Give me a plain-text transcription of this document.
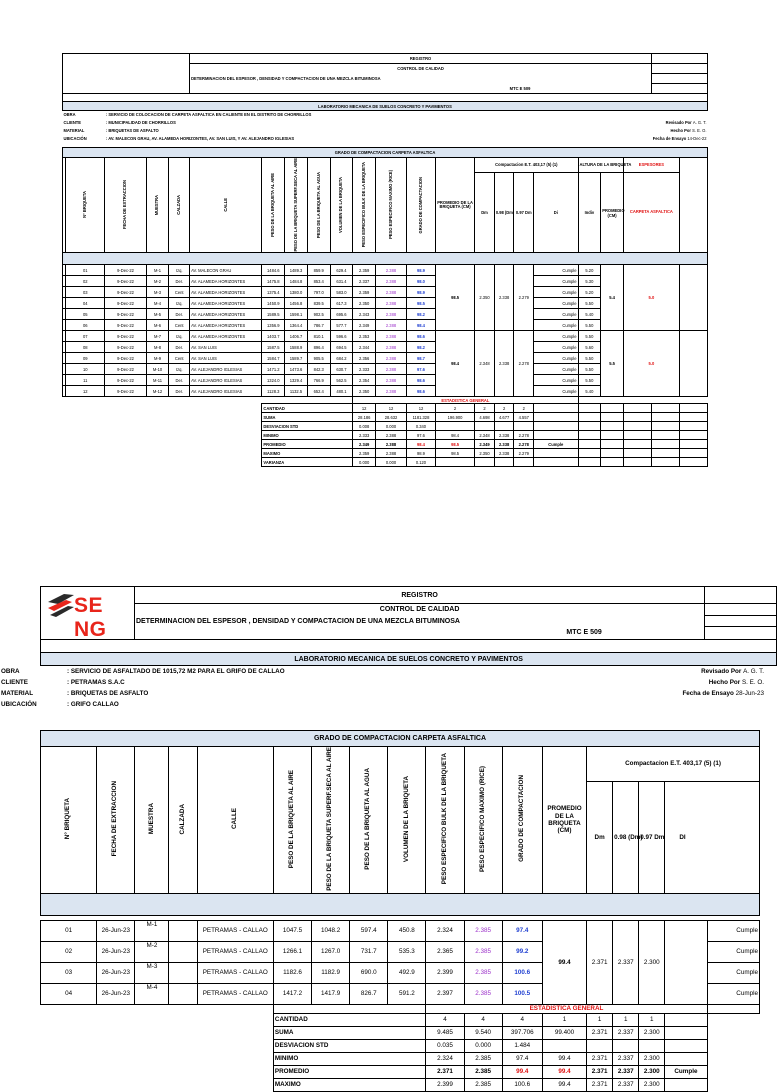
					REGISTRO																	
					CONTROL DE CALIDAD																	
					DETERMINACION DEL ESPESOR , DENSIDAD Y COMPACTACION DE UNA MEZCLA BITUMINOSA																	
					MTC E 509																	

LABORATORIO MECANICA DE SUELOS CONCRETO Y PAVIMENTOS																						
OBRA		: SERVICIO DE COLOCACION DE CARPETA ASFALTICA EN CALIENTE EN EL DISTRITO DE CHORRILLOS																				
CLIENTE		: MUNICIPALIDAD DE CHORRILLOS																Revisado Por A. G. T.				
MATERIAL		: BRIQUETAS DE ASFALTO																Hecho Por S. E. O.				
UBICACIÓN		: AV. MALECON GRAU, AV. ALAMEDA HORIZONTES, AV. SAN LUIS, Y AV. ALEJANDRO IGLESIAS																Fecha de Ensayo 14-Dec-22				

GRADO DE COMPACTACION CARPETA ASFALTICA																						
	N° BRIQUETA	FECHA DE EXTRACCION	MUESTRA	CALZADA	CALLE	PESO DE LA BRIQUETA AL AIRE	PESO DE LA BRIQUETA SUPERF.SECA AL AIRE	PESO DE LA BRIQUETA AL AGUA	VOLUMEN DE LA BRIQUETA	PESO ESPECIFICO BULK DE LA BRIQUETA	PESO ESPECIFICO MAXIMO (RICE)	GRADO DE COMPACTACION	PROMEDIO DE LA BRIQUETA (CM)	Compactacion E.T. 403,17 (5) (1)				ALTURA DE LA BRIQUETA		ESPESORES		
														Dm	0.98 (Dm)	0.97 Dm	Di	Indiv	PROMEDIO (CM)	CARPETA ASFALTICA		

	01	9-Dec-22	M-1	Izq.	AV. MALECON GRAU	1484.6	1489.3	859.9	629.4	2.359	2.388	98.9	98.5	2.350	2.338	2.279	Cumple	5.20	5.4	5.0		
	02	9-Dec-22	M-2	Der.	AV. ALAMEDA HORIZONTES	1475.8	1484.8	853.4	631.4	2.337	2.388	98.0					Cumple	5.30				
	03	9-Dec-22	M-3	Cent	AV. ALAMEDA HORIZONTES	1375.4	1380.0	797.0	583.0	2.359	2.388	98.9					Cumple	5.20				
	04	9-Dec-22	M-4	Izq.	AV. ALAMEDA HORIZONTES	1450.9	1456.8	839.5	617.3	2.350	2.388	98.5					Cumple	5.50				
	05	9-Dec-22	M-5	Der.	AV. ALAMEDA HORIZONTES	1589.5	1598.1	902.5	695.6	2.343	2.388	98.2					Cumple	5.40				
	06	9-Dec-22	M-6	Cent	AV. ALAMEDA HORIZONTES	1356.9	1364.4	786.7	577.7	2.349	2.388	98.4					Cumple	5.50				
	07	9-Dec-22	M-7	Izq.	AV. ALAMEDA HORIZONTES	1403.7	1406.7	810.1	596.6	2.353	2.388	98.6	98.4	2.348	2.338	2.278	Cumple	5.50	5.5	5.0		
	08	9-Dec-22	M-8	Der.	AV. SAN LUIS	1587.5	1588.9	896.4	694.5	2.344	2.388	98.2					Cumple	5.60				
	09	9-Dec-22	M-9	Cent	AV. SAN LUIS	1584.7	1589.7	905.5	684.2	2.356	2.388	98.7					Cumple	5.50				
	10	9-Dec-22	M-10	Izq.	AV. ALEJANDRO IGLESIAS	1471.2	1473.6	842.3	630.7	2.333	2.388	97.6					Cumple	5.50				
	11	9-Dec-22	M-11	Der.	AV. ALEJANDRO IGLESIAS	1324.0	1329.4	766.9	562.5	2.354	2.388	98.6					Cumple	5.50				
	12	9-Dec-22	M-12	Der.	AV. ALEJANDRO IGLESIAS	1128.3	1132.5	652.4	480.1	2.350	2.388	98.6					Cumple	5.40				
										ESTADISTICA GENERAL												
						CANTIDAD				12	12	12	2	2	2	2						
						SUMA				28.186	28.632	1181.328	196.900	4.698	4.677	4.557						
						DESVIACION STD				0.008	0.000	0.340										
						MINIMO				2.333	2.388	97.6	98.4	2.348	2.338	2.278						
						PROMEDIO				2.349	2.388	98.4	98.5	2.349	2.338	2.278	Cumple					
						MAXIMO				2.359	2.388	98.9	98.5	2.350	2.338	2.279						
						VARIANZA				0.000	0.000	0.120										
SE NG
	REGISTRO	
	CONTROL DE CALIDAD	
	DETERMINACION DEL ESPESOR , DENSIDAD Y COMPACTACION DE UNA MEZCLA BITUMINOSA	
	MTC E 509	

LABORATORIO MECANICA DE SUELOS CONCRETO Y PAVIMENTOS		
OBRA	: SERVICIO DE ASFALTADO DE 1015,72 M2 PARA EL GRIFO DE CALLAO	Revisado Por A. G. T.
CLIENTE	: PETRAMAS S.A.C	Hecho Por S. E. O.
MATERIAL	: BRIQUETAS DE ASFALTO	Fecha de Ensayo 28-Jun-23
UBICACIÓN	: GRIFO CALLAO	
GRADO DE COMPACTACION CARPETA ASFALTICA																	
N° BRIQUETA	FECHA DE EXTRACCION	MUESTRA	CALZADA	CALLE	PESO DE LA BRIQUETA AL AIRE	PESO DE LA BRIQUETA SUPERF.SECA AL AIRE	PESO DE LA BRIQUETA AL AGUA	VOLUMEN DE LA BRIQUETA	PESO ESPECIFICO BULK DE LA BRIQUETA	PESO ESPECIFICO MAXIMO (RICE)	GRADO DE COMPACTACION	PROMEDIO DE LA BRIQUETA (CM)	Compactacion E.T. 403,17 (5) (1)				
													Dm	0.98 (Dm)	0.97 Dm	DI	

01	26-Jun-23	M-1		PETRAMAS - CALLAO	1047.5	1048.2	597.4	450.8	2.324	2.385	97.4	99.4	2.371	2.337	2.300		Cumple
02	26-Jun-23	M-2		PETRAMAS - CALLAO	1266.1	1267.0	731.7	535.3	2.365	2.385	99.2						Cumple
03	26-Jun-23	M-3		PETRAMAS - CALLAO	1182.6	1182.9	690.0	492.9	2.399	2.385	100.6						Cumple
04	26-Jun-23	M-4		PETRAMAS - CALLAO	1417.2	1417.9	826.7	591.2	2.397	2.385	100.5						Cumple
									ESTADISTICA GENERAL								
					CANTIDAD				4	4	4	1	1	1	1		
					SUMA				9.485	9.540	397.706	99.400	2.371	2.337	2.300		
					DESVIACION STD				0.035	0.000	1.484						
					MINIMO				2.324	2.385	97.4	99.4	2.371	2.337	2.300		
					PROMEDIO				2.371	2.385	99.4	99.4	2.371	2.337	2.300	Cumple	
					MAXIMO				2.399	2.385	100.6	99.4	2.371	2.337	2.300		
